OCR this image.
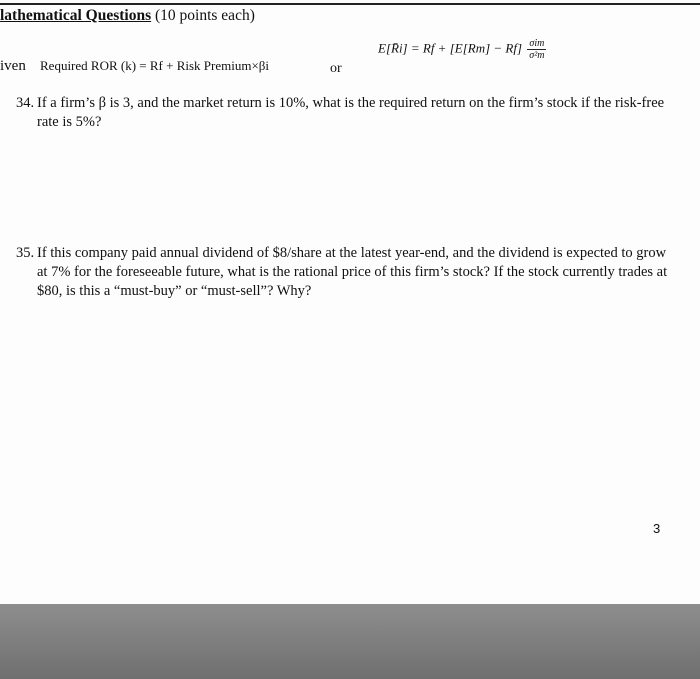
lathematical Questions (10 points each)
iven Required ROR (k) = Rf + Risk Premium×βi	or
E[R̄i] = $Rf + [E[Rm] - Rf] \frac{\text{σim}}{\text{σ²m}}$
34. If a firm’s β is 3, and the market return is 10%, what is the required return on the firm’s stock if the risk-free rate is 5%?
35. If this company paid annual dividend of $8/share at the latest year-end, and the dividend is expected to grow at 7% for the foreseeable future, what is the rational price of this firm’s stock? If the stock currently trades at $80, is this a “must-buy” or “must-sell”? Why?
3
